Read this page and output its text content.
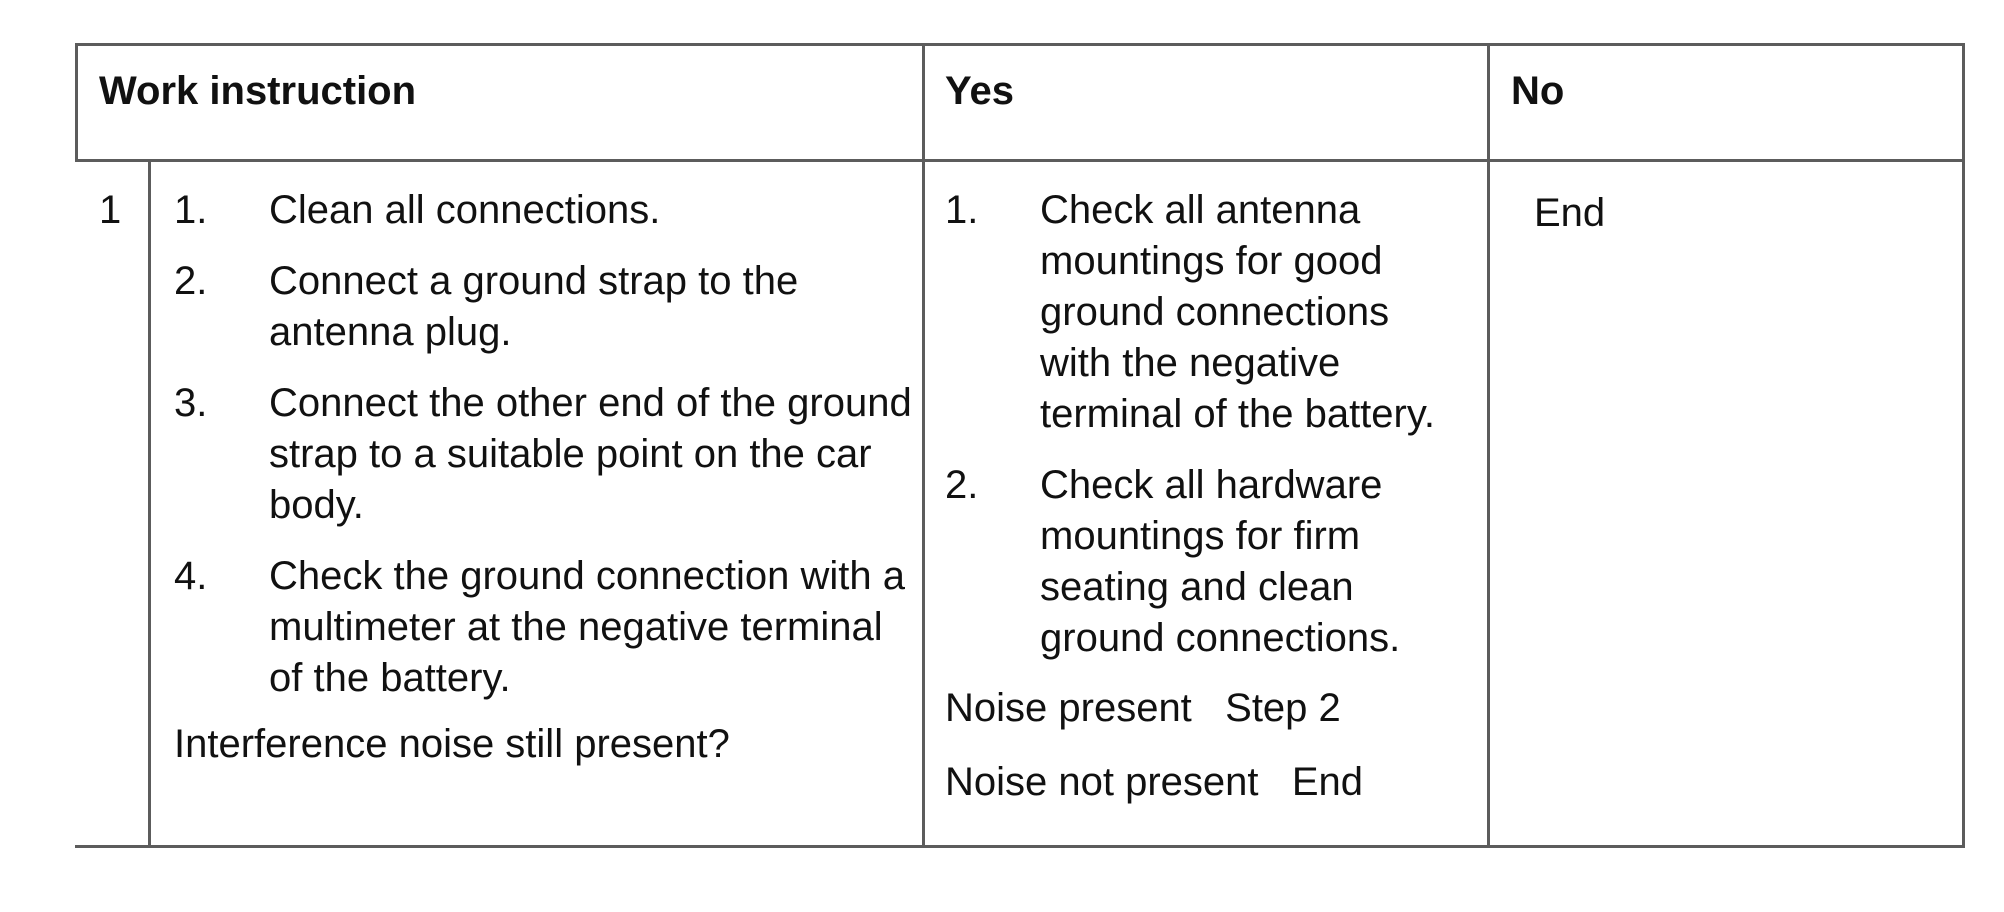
Work instruction	Yes	No
1 1. Clean all connections.
2. Connect a ground strap to the antenna plug.
3. Connect the other end of the ground strap to a suitable point on the car body.
4. Check the ground connection with a multimeter at the negative terminal of the battery.
Interference noise still present?
1. Check all antenna mountings for good ground connections with the negative terminal of the battery.
2. Check all hardware mountings for firm seating and clean ground connections.
Noise present Step 2
Noise not present End
End
